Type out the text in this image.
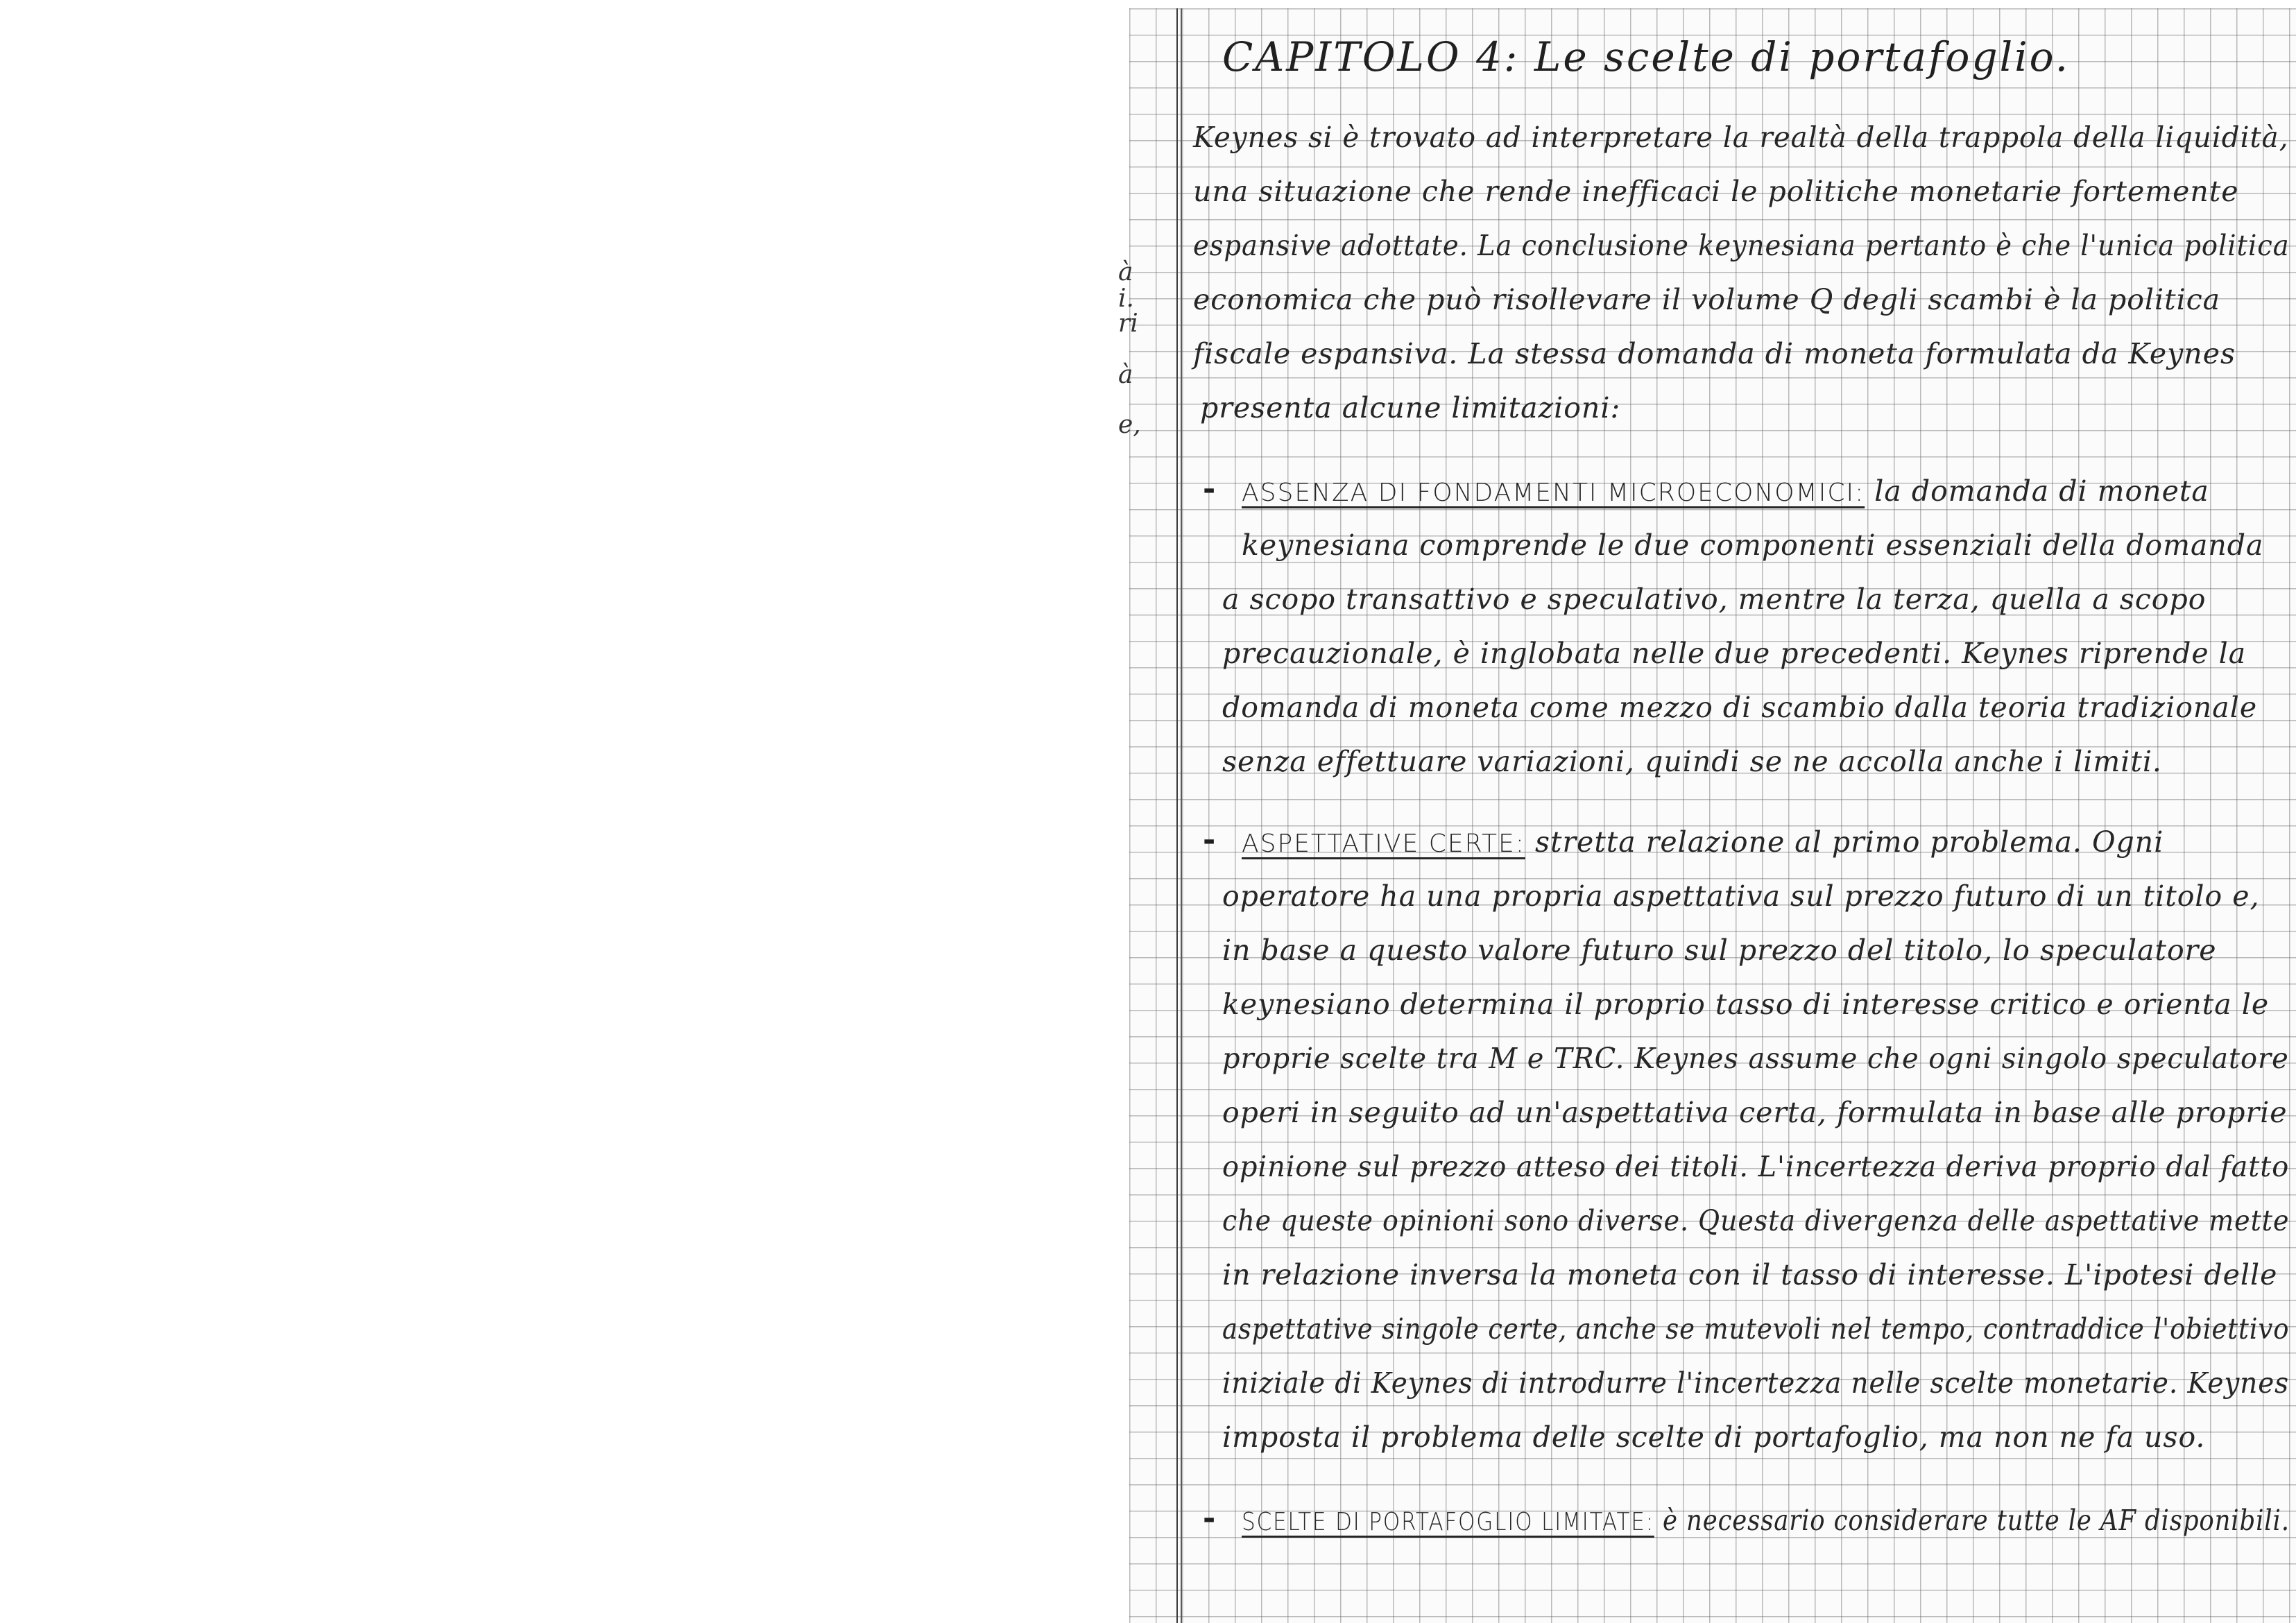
à
i.
ri
à
e,
CAPITOLO 4: Le scelte di portafoglio.
Keynes si è trovato ad interpretare la realtà della trappola della liquidità,
una situazione che rende inefficaci le politiche monetarie fortemente
espansive adottate. La conclusione keynesiana pertanto è che l'unica politica
economica che può risollevare il volume Q degli scambi è la politica
fiscale espansiva. La stessa domanda di moneta formulata da Keynes
presenta alcune limitazioni:
- ASSENZA DI FONDAMENTI MICROECONOMICI: la domanda di moneta
keynesiana comprende le due componenti essenziali della domanda
a scopo transattivo e speculativo, mentre la terza, quella a scopo
precauzionale, è inglobata nelle due precedenti. Keynes riprende la
domanda di moneta come mezzo di scambio dalla teoria tradizionale
senza effettuare variazioni, quindi se ne accolla anche i limiti.
- ASPETTATIVE CERTE: stretta relazione al primo problema. Ogni
operatore ha una propria aspettativa sul prezzo futuro di un titolo e,
in base a questo valore futuro sul prezzo del titolo, lo speculatore
keynesiano determina il proprio tasso di interesse critico e orienta le
proprie scelte tra M e TRC. Keynes assume che ogni singolo speculatore
operi in seguito ad un'aspettativa certa, formulata in base alle proprie
opinione sul prezzo atteso dei titoli. L'incertezza deriva proprio dal fatto
che queste opinioni sono diverse. Questa divergenza delle aspettative mette
in relazione inversa la moneta con il tasso di interesse. L'ipotesi delle
aspettative singole certe, anche se mutevoli nel tempo, contraddice l'obiettivo
iniziale di Keynes di introdurre l'incertezza nelle scelte monetarie. Keynes
imposta il problema delle scelte di portafoglio, ma non ne fa uso.
- SCELTE DI PORTAFOGLIO LIMITATE: è necessario considerare tutte le AF disponibili.
